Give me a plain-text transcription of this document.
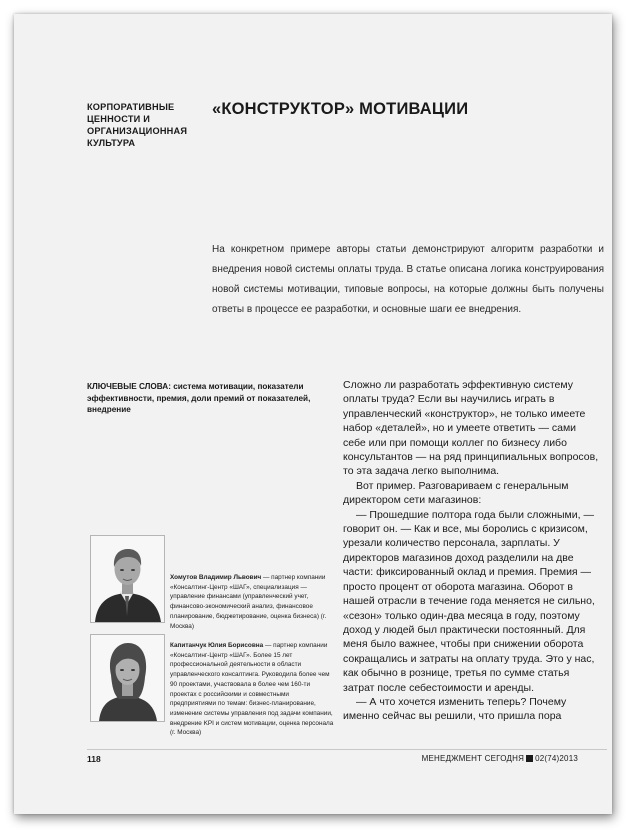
КОРПОРАТИВНЫЕ ЦЕННОСТИ И ОРГАНИЗАЦИОННАЯ КУЛЬТУРА
«КОНСТРУКТОР» МОТИВАЦИИ

На конкретном примере авторы статьи демонстрируют алгоритм разработки и внедрения новой системы оплаты труда. В статье описана логика конструирования новой системы мотивации, типовые вопросы, на которые должны быть получены ответы в процессе ее разработки, и основные шаги ее внедрения.

КЛЮЧЕВЫЕ СЛОВА: система мотивации, показатели эффективности, премия, доли премий от показателей, внедрение

Сложно ли разработать эффективную систему оплаты труда? Если вы научились играть в управленческий «конструктор», не только имеете набор «деталей», но и умеете ответить — сами себе или при помощи коллег по бизнесу либо консультантов — на ряд принципиальных вопросов, то эта задача легко выполнима.

Вот пример. Разговариваем с генеральным директором сети магазинов:

— Прошедшие полтора года были сложными, — говорит он. — Как и все, мы боролись с кризисом, урезали количество персонала, зарплаты. У директоров магазинов доход разделили на две части: фиксированный оклад и премия. Премия — просто процент от оборота магазина. Оборот в нашей отрасли в течение года меняется не сильно, «сезон» только один-два месяца в году, поэтому доход у людей был практически постоянный. Для меня было важнее, чтобы при снижении оборота сокращались и затраты на оплату труда. Это у нас, как обычно в рознице, третья по сумме статья затрат после себестоимости и аренды.

— А что хочется изменить теперь? Почему именно сейчас вы решили, что пришла пора

Хомутов Владимир Львович — партнер компании «Консалтинг-Центр «ШАГ», специализация — управление финансами (управленческий учет, финансово-экономический анализ, финансовое планирование, бюджетирование, оценка бизнеса) (г. Москва)
Капитанчук Юлия Борисовна — партнер компании «Консалтинг-Центр «ШАГ». Более 15 лет профессиональной деятельности в области управленческого консалтинга. Руководила более чем 90 проектами, участвовала в более чем 160-ти проектах с российскими и совместными предприятиями по темам: бизнес-планирование, изменение системы управления под задачи компании, внедрение KPI и систем мотивации, оценка персонала (г. Москва)
118	МЕНЕДЖМЕНТ СЕГОДНЯ 02(74)2013
